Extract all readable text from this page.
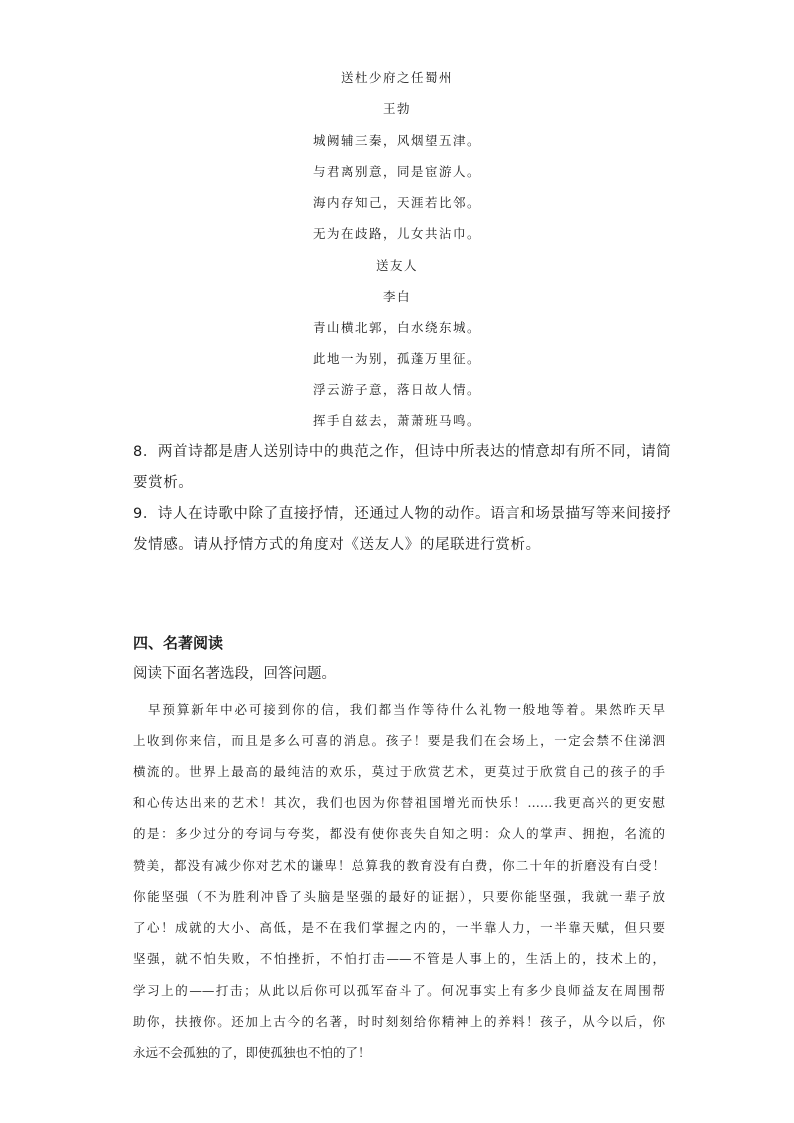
送杜少府之任蜀州
王勃
城阙辅三秦，风烟望五津。
与君离别意，同是宦游人。
海内存知己，天涯若比邻。
无为在歧路，儿女共沾巾。
送友人
李白
青山横北郭，白水绕东城。
此地一为别，孤蓬万里征。
浮云游子意，落日故人情。
挥手自兹去，萧萧班马鸣。
8．两首诗都是唐人送别诗中的典范之作，但诗中所表达的情意却有所不同，请简要赏析。
9．诗人在诗歌中除了直接抒情，还通过人物的动作。语言和场景描写等来间接抒发情感。请从抒情方式的角度对《送友人》的尾联进行赏析。
四、名著阅读
阅读下面名著选段，回答问题。
早预算新年中必可接到你的信，我们都当作等待什么礼物一般地等着。果然昨天早
上收到你来信，而且是多么可喜的消息。孩子！要是我们在会场上，一定会禁不住涕泗
横流的。世界上最高的最纯洁的欢乐，莫过于欣赏艺术，更莫过于欣赏自己的孩子的手
和心传达出来的艺术！其次，我们也因为你替祖国增光而快乐！……我更高兴的更安慰
的是：多少过分的夸词与夸奖，都没有使你丧失自知之明：众人的掌声、拥抱，名流的
赞美，都没有减少你对艺术的谦卑！总算我的教育没有白费，你二十年的折磨没有白受！
你能坚强（不为胜利冲昏了头脑是坚强的最好的证据），只要你能坚强，我就一辈子放
了心！成就的大小、高低，是不在我们掌握之内的，一半靠人力，一半靠天赋，但只要
坚强，就不怕失败，不怕挫折，不怕打击——不管是人事上的，生活上的，技术上的，
学习上的——打击；从此以后你可以孤军奋斗了。何况事实上有多少良师益友在周围帮
助你，扶掖你。还加上古今的名著，时时刻刻给你精神上的养料！孩子，从今以后，你
永远不会孤独的了，即使孤独也不怕的了！
